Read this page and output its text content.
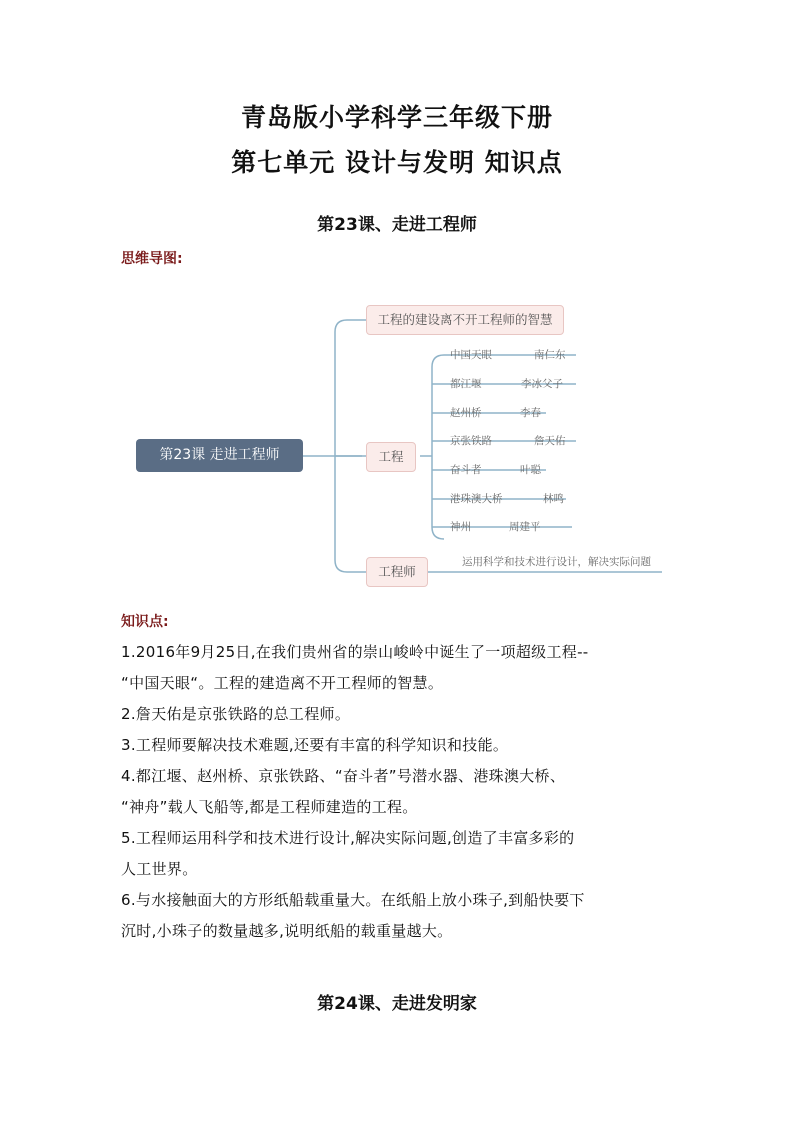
青岛版小学科学三年级下册
第七单元 设计与发明 知识点
第23课、走进工程师
思维导图:
第23课 走进工程师
工程的建设离不开工程师的智慧
工程
工程师
中国天眼	南仁东
都江堰	李冰父子
赵州桥	李春
京张铁路	詹天佑
奋斗者	叶聪
港珠澳大桥	林鸣
神州	周建平
运用科学和技术进行设计，解决实际问题
知识点:
1.2016年9月25日,在我们贵州省的崇山峻岭中诞生了一项超级工程--
“中国天眼“。工程的建造离不开工程师的智慧。
2.詹天佑是京张铁路的总工程师。
3.工程师要解决技术难题,还要有丰富的科学知识和技能。
4.都江堰、赵州桥、京张铁路、“奋斗者”号潜水器、港珠澳大桥、
“神舟”载人飞船等,都是工程师建造的工程。
5.工程师运用科学和技术进行设计,解决实际问题,创造了丰富多彩的
人工世界。
6.与水接触面大的方形纸船载重量大。在纸船上放小珠子,到船快要下
沉时,小珠子的数量越多,说明纸船的载重量越大。
第24课、走进发明家
